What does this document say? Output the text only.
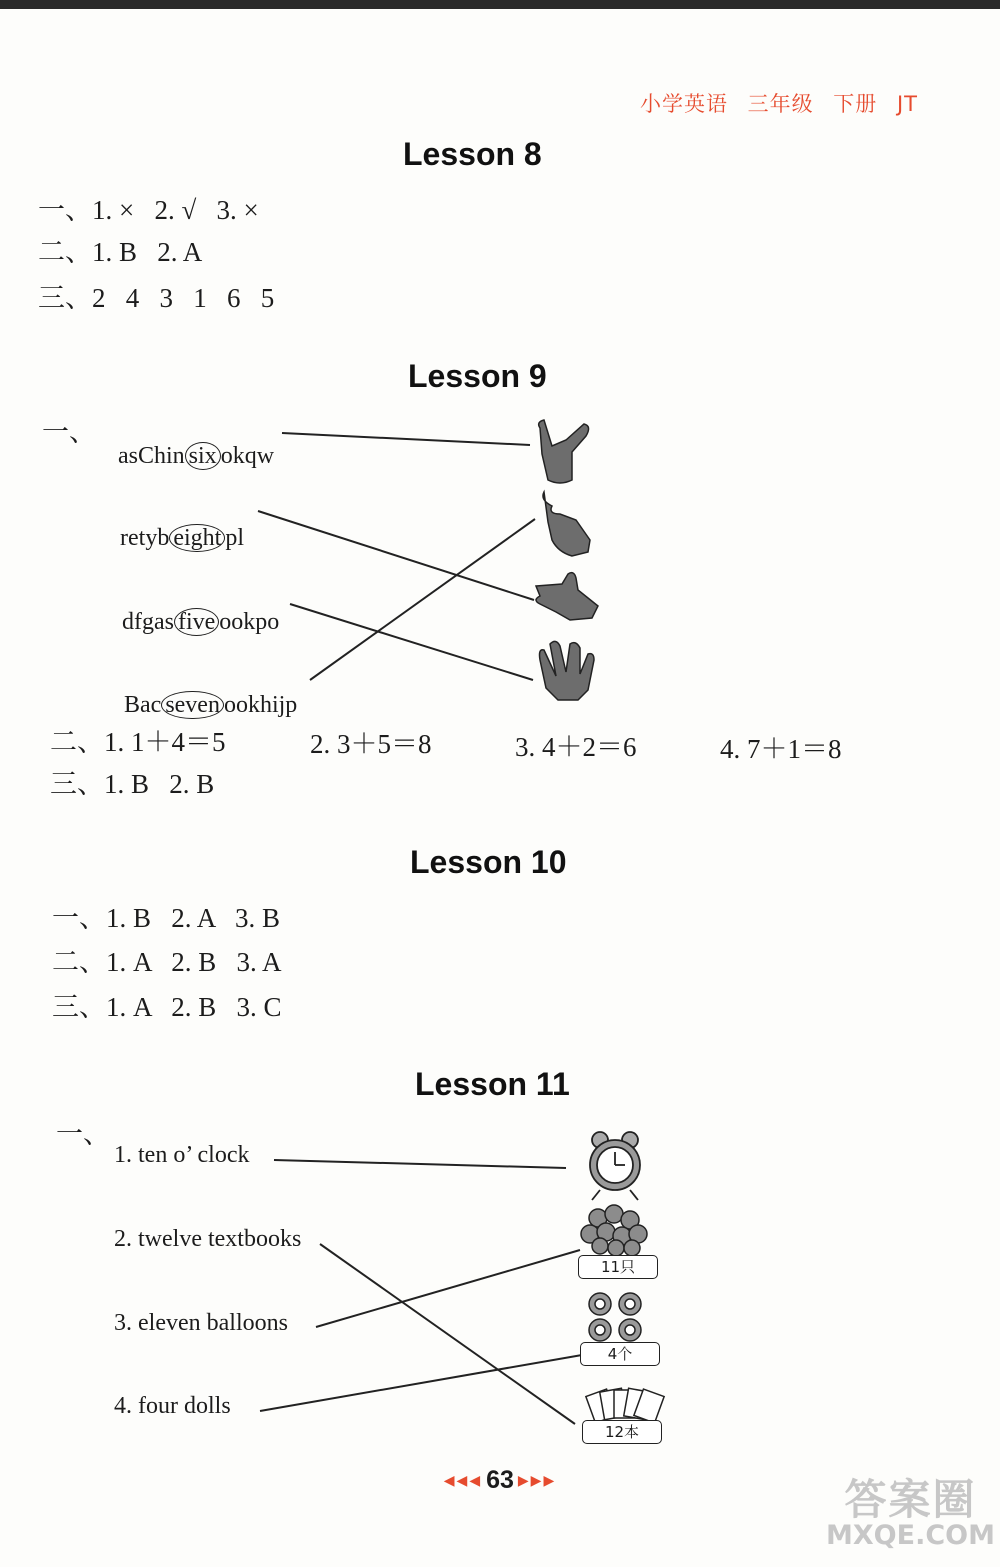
小学英语 三年级 下册 JT
Lesson 8
一、1. ×   2. √   3. ×
二、1. B   2. A
三、2   4   3   1   6   5
Lesson 9
一、

asChin six okqw

retyb eight pl

dfgas five ookpo

Bac seven ookhijp

二、1. 1＋4＝5	2. 3＋5＝8	3. 4＋2＝6	4. 7＋1＝8
三、1. B   2. B
Lesson 10
一、1. B   2. A   3. B
二、1. A   2. B   3. A
三、1. A   2. B   3. C
Lesson 11
一、
1. ten o’ clock
2. twelve textbooks
3. eleven balloons
4. four dolls
11只
4个
12本
◀◀◀ 63 ▶▶▶	答案圈
MXQE.COM
